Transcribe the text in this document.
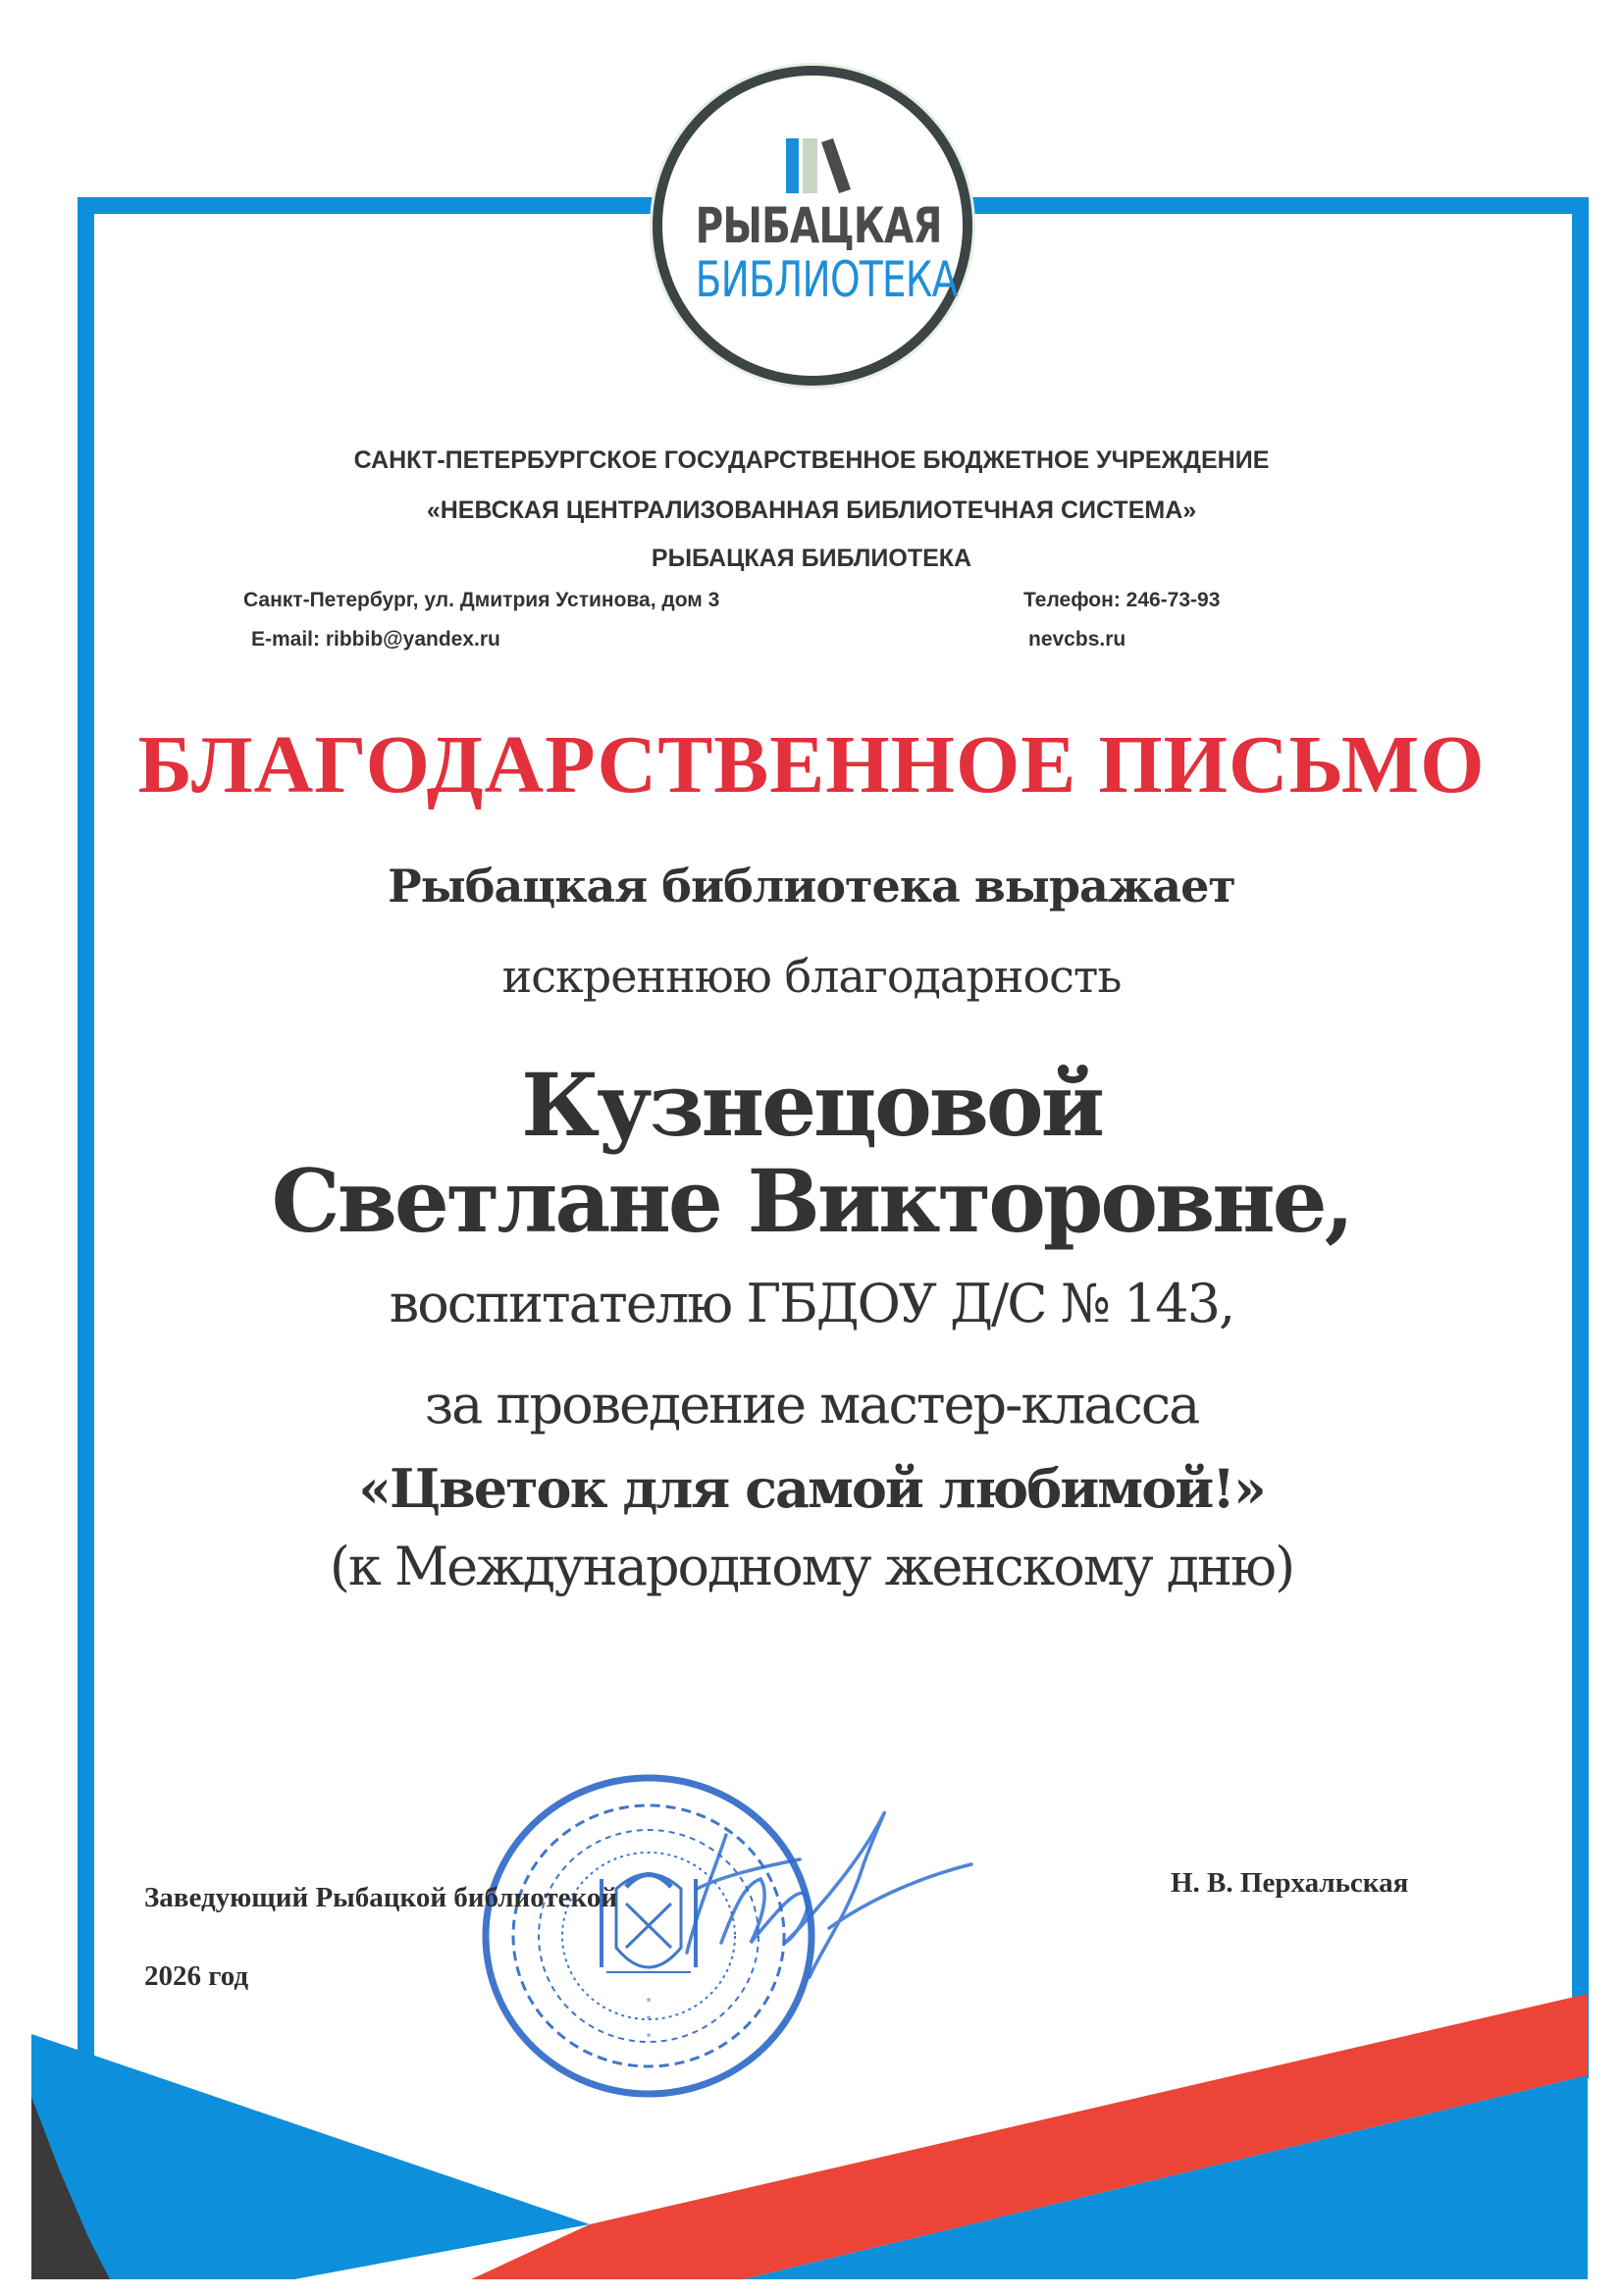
РЫБАЦКАЯ
БИБЛИОТЕКА
САНКТ-ПЕТЕРБУРГСКОЕ ГОСУДАРСТВЕННОЕ БЮДЖЕТНОЕ УЧРЕЖДЕНИЕ
«НЕВСКАЯ ЦЕНТРАЛИЗОВАННАЯ БИБЛИОТЕЧНАЯ СИСТЕМА»
РЫБАЦКАЯ БИБЛИОТЕКА
Санкт-Петербург, ул. Дмитрия Устинова, дом 3	Телефон: 246-73-93
E-mail: ribbib@yandex.ru	nevcbs.ru
БЛАГОДАРСТВЕННОЕ ПИСЬМО
Рыбацкая библиотека выражает
искреннюю благодарность
Кузнецовой
Светлане Викторовне,
воспитателю ГБДОУ Д/С № 143,
за проведение мастер-класса
«Цветок для самой любимой!»
(к Международному женскому дню)
*
*
*
Заведующий Рыбацкой библиотекой	Н. В. Перхальская
2026 год
